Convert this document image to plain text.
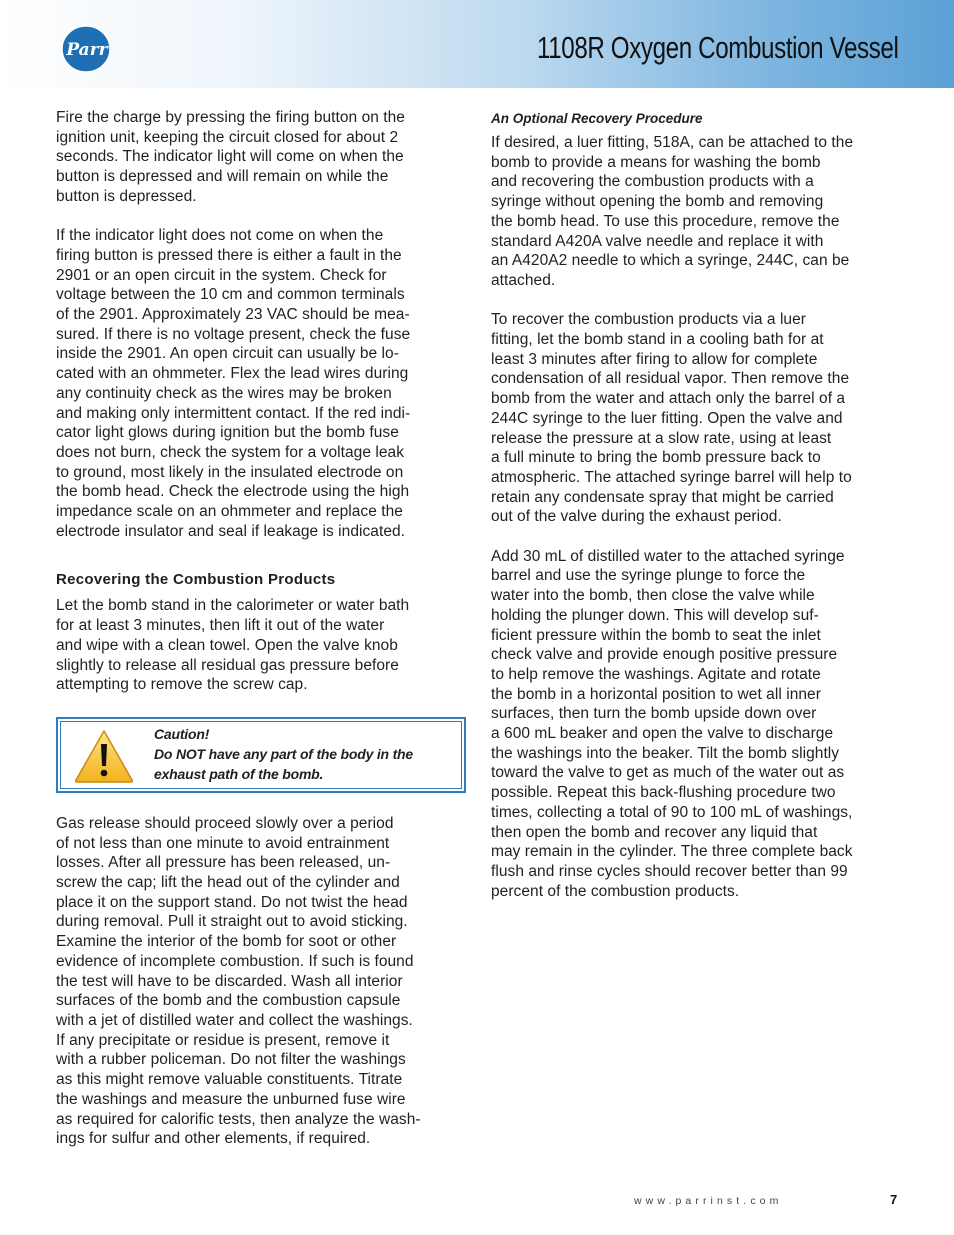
Parr	1108R Oxygen Combustion Vessel

Fire the charge by pressing the firing button on the
ignition unit, keeping the circuit closed for about 2
seconds. The indicator light will come on when the
button is depressed and will remain on while the
button is depressed.

If the indicator light does not come on when the
firing button is pressed there is either a fault in the
2901 or an open circuit in the system. Check for
voltage between the 10 cm and common terminals
of the 2901. Approximately 23 VAC should be mea-
sured. If there is no voltage present, check the fuse
inside the 2901. An open circuit can usually be lo-
cated with an ohmmeter. Flex the lead wires during
any continuity check as the wires may be broken
and making only intermittent contact. If the red indi-
cator light glows during ignition but the bomb fuse
does not burn, check the system for a voltage leak
to ground, most likely in the insulated electrode on
the bomb head. Check the electrode using the high
impedance scale on an ohmmeter and replace the
electrode insulator and seal if leakage is indicated.

Recovering the Combustion Products

Let the bomb stand in the calorimeter or water bath
for at least 3 minutes, then lift it out of the water
and wipe with a clean towel. Open the valve knob
slightly to release all residual gas pressure before
attempting to remove the screw cap.

Caution!
Do NOT have any part of the body in the
exhaust path of the bomb.

Gas release should proceed slowly over a period
of not less than one minute to avoid entrainment
losses. After all pressure has been released, un-
screw the cap; lift the head out of the cylinder and
place it on the support stand. Do not twist the head
during removal. Pull it straight out to avoid sticking.
Examine the interior of the bomb for soot or other
evidence of incomplete combustion. If such is found
the test will have to be discarded. Wash all interior
surfaces of the bomb and the combustion capsule
with a jet of distilled water and collect the washings.
If any precipitate or residue is present, remove it
with a rubber policeman. Do not filter the washings
as this might remove valuable constituents. Titrate
the washings and measure the unburned fuse wire
as required for calorific tests, then analyze the wash-
ings for sulfur and other elements, if required.

An Optional Recovery Procedure

If desired, a luer fitting, 518A, can be attached to the
bomb to provide a means for washing the bomb
and recovering the combustion products with a
syringe without opening the bomb and removing
the bomb head. To use this procedure, remove the
standard A420A valve needle and replace it with
an A420A2 needle to which a syringe, 244C, can be
attached.

To recover the combustion products via a luer
fitting, let the bomb stand in a cooling bath for at
least 3 minutes after firing to allow for complete
condensation of all residual vapor. Then remove the
bomb from the water and attach only the barrel of a
244C syringe to the luer fitting. Open the valve and
release the pressure at a slow rate, using at least
a full minute to bring the bomb pressure back to
atmospheric. The attached syringe barrel will help to
retain any condensate spray that might be carried
out of the valve during the exhaust period.

Add 30 mL of distilled water to the attached syringe
barrel and use the syringe plunge to force the
water into the bomb, then close the valve while
holding the plunger down. This will develop suf-
ficient pressure within the bomb to seat the inlet
check valve and provide enough positive pressure
to help remove the washings. Agitate and rotate
the bomb in a horizontal position to wet all inner
surfaces, then turn the bomb upside down over
a 600 mL beaker and open the valve to discharge
the washings into the beaker. Tilt the bomb slightly
toward the valve to get as much of the water out as
possible. Repeat this back-flushing procedure two
times, collecting a total of 90 to 100 mL of washings,
then open the bomb and recover any liquid that
may remain in the cylinder. The three complete back
flush and rinse cycles should recover better than 99
percent of the combustion products.

www.parrinst.com	7
